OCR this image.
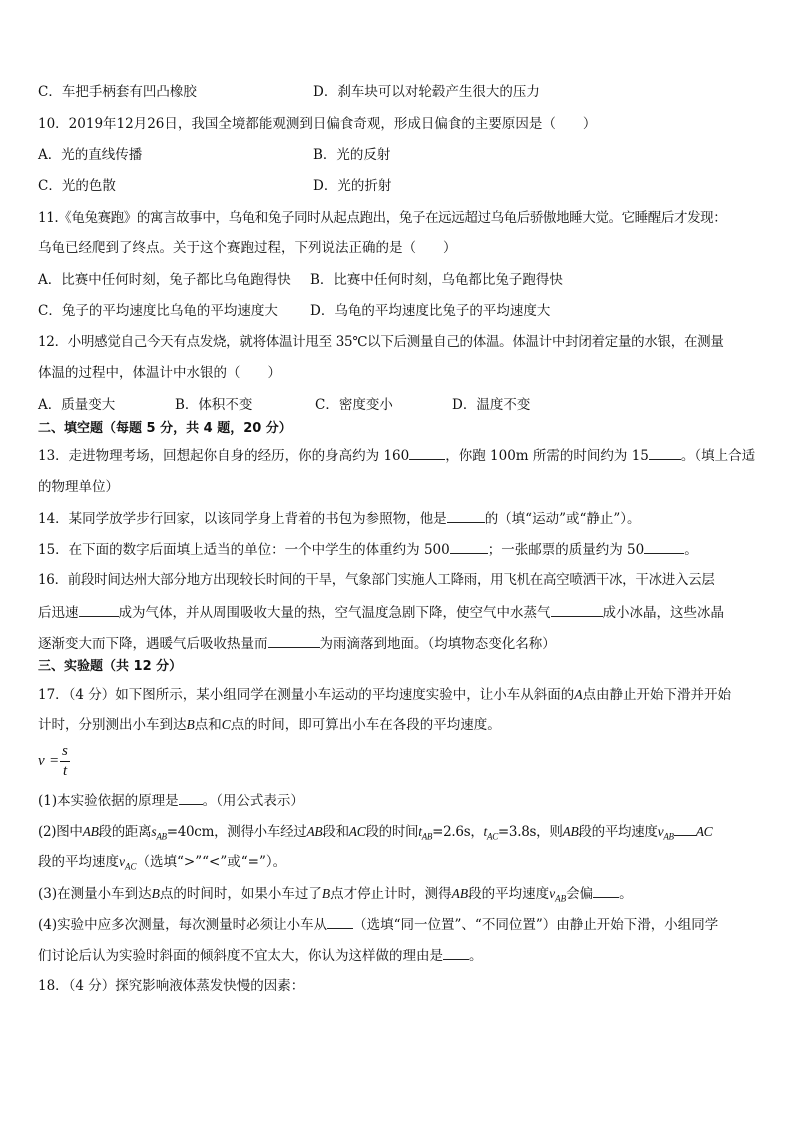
C．车把手柄套有凹凸橡胶	D．刹车块可以对轮毂产生很大的压力
10．2019年12月26日，我国全境都能观测到日偏食奇观，形成日偏食的主要原因是（　　）
A．光的直线传播	B．光的反射
C．光的色散	D．光的折射
11.《龟兔赛跑》的寓言故事中，乌龟和兔子同时从起点跑出，兔子在远远超过乌龟后骄傲地睡大觉。它睡醒后才发现：
乌龟已经爬到了终点。关于这个赛跑过程，下列说法正确的是（　　）
A．比赛中任何时刻，兔子都比乌龟跑得快 B．比赛中任何时刻，乌龟都比兔子跑得快
C．兔子的平均速度比乌龟的平均速度大 D．乌龟的平均速度比兔子的平均速度大
12．小明感觉自己今天有点发烧，就将体温计甩至 35℃以下后测量自己的体温。体温计中封闭着定量的水银，在测量
体温的过程中，体温计中水银的（　　）
A．质量变大	B．体积不变	C．密度变小	D．温度不变
二、填空题（每题 5 分，共 4 题，20 分）
13．走进物理考场，回想起你自身的经历，你的身高约为 160	，你跑 100m 所需的时间约为 15 。（填上合适
的物理单位）
14．某同学放学步行回家，以该同学身上背着的书包为参照物，他是	的（填“运动”或“静止”）。
15．在下面的数字后面填上适当的单位：一个中学生的体重约为 500	；一张邮票的质量约为 50	。
16．前段时间达州大部分地方出现较长时间的干旱，气象部门实施人工降雨，用飞机在高空喷洒干冰，干冰进入云层
后迅速	成为气体，并从周围吸收大量的热，空气温度急剧下降，使空气中水蒸气	成小冰晶，这些冰晶
逐渐变大而下降，遇暖气后吸收热量而	为雨滴落到地面。（均填物态变化名称）
三、实验题（共 12 分）
17．（4 分）如下图所示，某小组同学在测量小车运动的平均速度实验中，让小车从斜面的A点由静止开始下滑并开始
计时，分别测出小车到达B点和C点的时间，即可算出小车在各段的平均速度。
v =
s
t
(1)本实验依据的原理是 。（用公式表示）
(2)图中AB段的距离$s_{AB}=40cm$，测得小车经过AB段和AC段的时间$t_{AB}=2.6s$，$t_{AC}=3.8s$，则AB段的平均速度$v_{AB}$ AC
段的平均速度$v_{AC}$（选填“>”“<”或“=”）。
(3)在测量小车到达B点的时间时，如果小车过了B点才停止计时，测得AB段的平均速度$v_{AB}$会偏 。
(4)实验中应多次测量，每次测量时必须让小车从 （选填“同一位置”、“不同位置”）由静止开始下滑，小组同学
们讨论后认为实验时斜面的倾斜度不宜太大，你认为这样做的理由是 。
18．（4 分）探究影响液体蒸发快慢的因素：
